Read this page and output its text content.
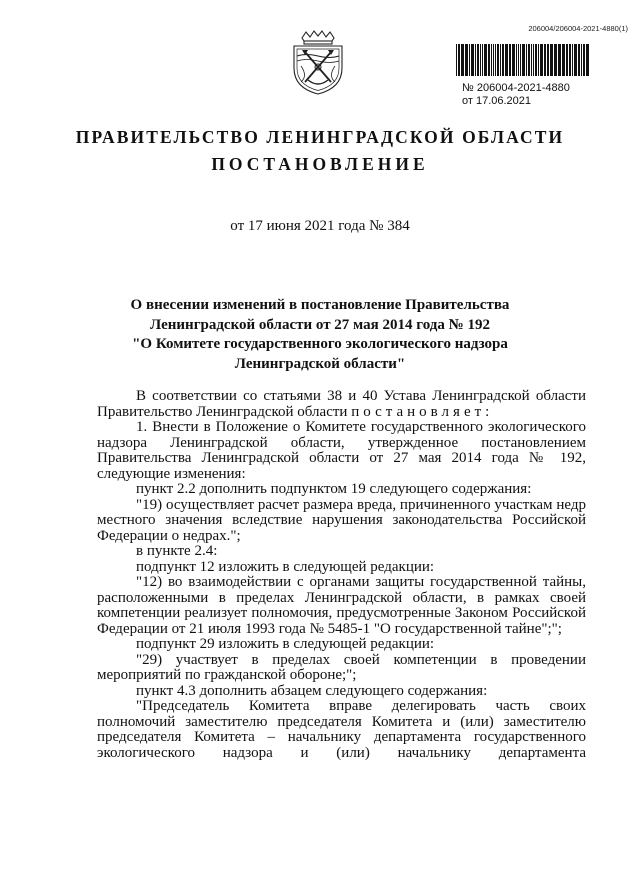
206004/206004-2021-4880(1)
№ 206004-2021-4880
от 17.06.2021
ПРАВИТЕЛЬСТВО ЛЕНИНГРАДСКОЙ ОБЛАСТИ
ПОСТАНОВЛЕНИЕ
от 17 июня 2021 года № 384
О внесении изменений в постановление Правительства
Ленинградской области от 27 мая 2014 года № 192
"О Комитете государственного экологического надзора
Ленинградской области"

В соответствии со статьями 38 и 40 Устава Ленинградской области Правительство Ленинградской области постановляет:

1. Внести в Положение о Комитете государственного экологического надзора Ленинградской области, утвержденное постановлением Правительства Ленинградской области от 27 мая 2014 года № 192, следующие изменения:

пункт 2.2 дополнить подпунктом 19 следующего содержания:

"19) осуществляет расчет размера вреда, причиненного участкам недр местного значения вследствие нарушения законодательства Российской Федерации о недрах.";

в пункте 2.4:

подпункт 12 изложить в следующей редакции:

"12) во взаимодействии с органами защиты государственной тайны, расположенными в пределах Ленинградской области, в рамках своей компетенции реализует полномочия, предусмотренные Законом Российской Федерации от 21 июля 1993 года № 5485-1 "О государственной тайне";";

подпункт 29 изложить в следующей редакции:

"29) участвует в пределах своей компетенции в проведении мероприятий по гражданской обороне;";

пункт 4.3 дополнить абзацем следующего содержания:

"Председатель Комитета вправе делегировать часть своих полномочий заместителю председателя Комитета и (или) заместителю председателя Комитета – начальнику департамента государственного экологического надзора и (или) начальнику департамента
